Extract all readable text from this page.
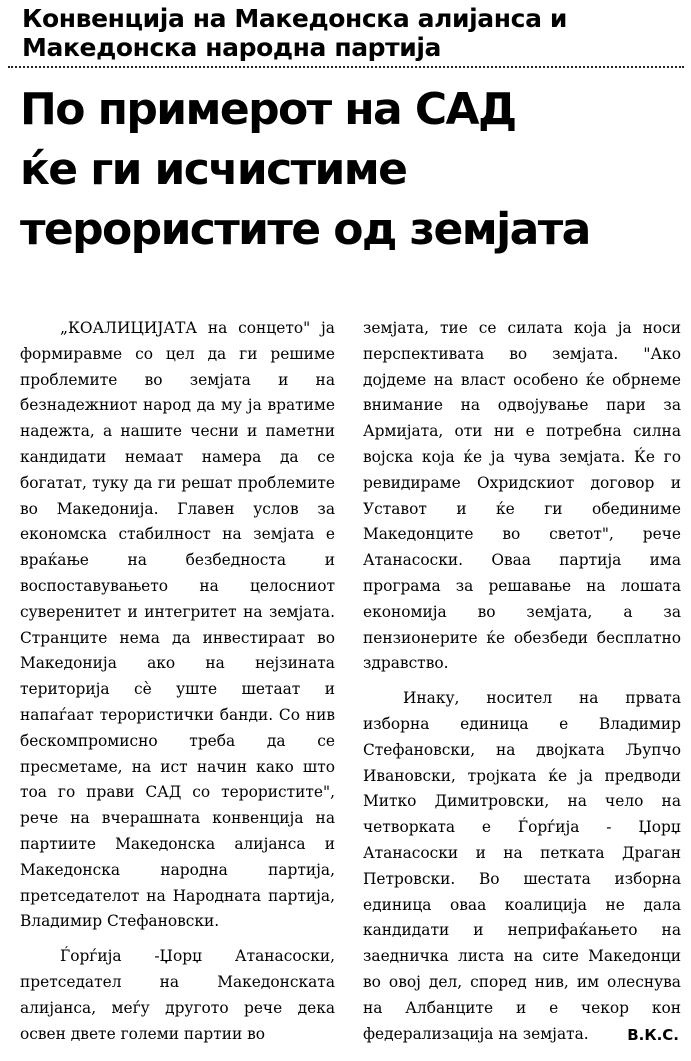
Конвенција на Македонска алијанса и Македонска народна партија
По примерот на САД
ќе ги исчистиме
терористите од земјата

„КОАЛИЦИЈАТА на сонцето" ја формиравме со цел да ги решиме проблемите во земјата и на безнадежниот народ да му ја вратиме надежта, а нашите чесни и паметни кандидати немаат намера да се богатат, туку да ги решат проблемите во Македонија. Главен услов за економска стабилност на земјата е враќање на безбедноста и воспоставувањето на целосниот суверенитет и интегритет на земјата. Странците нема да инвестираат во Македонија ако на нејзината територија сè уште шетаат и напаѓаат терористички банди. Со нив бескомпромисно треба да се пресметаме, на ист начин како што тоа го прави САД со терористите", рече на вчерашната конвенција на партиите Македонска алијанса и Македонска народна партија, претседателот на Народната партија, Владимир Стефановски.

Ѓорѓија -Џорџ Атанасоски, претседател на Македонската алијанса, меѓу другото рече дека освен двете големи партии во

земјата, тие се силата која ја носи перспективата во земјата. "Ако дојдеме на власт особено ќе обрнеме внимание на одвојување пари за Армијата, оти ни е потребна силна војска која ќе ја чува земјата. Ќе го ревидираме Охридскиот договор и Уставот и ќе ги обединиме Македонците во светот", рече Атанасоски. Оваа партија има програма за решавање на лошата економија во земјата, а за пензионерите ќе обезбеди бесплатно здравство.

Инаку, носител на првата изборна единица е Владимир Стефановски, на двојката Љупчо Ивановски, тројката ќе ја предводи Митко Димитровски, на чело на четворката е Ѓорѓија - Џорџ Атанасоски и на петката Драган Петровски. Во шестата изборна единица оваа коалиција не дала кандидати и неприфаќањето на заедничка листа на сите Македонци во овој дел, според нив, им олеснува на Албанците и е чекор кон федерализација на земјата.	В.К.С.
